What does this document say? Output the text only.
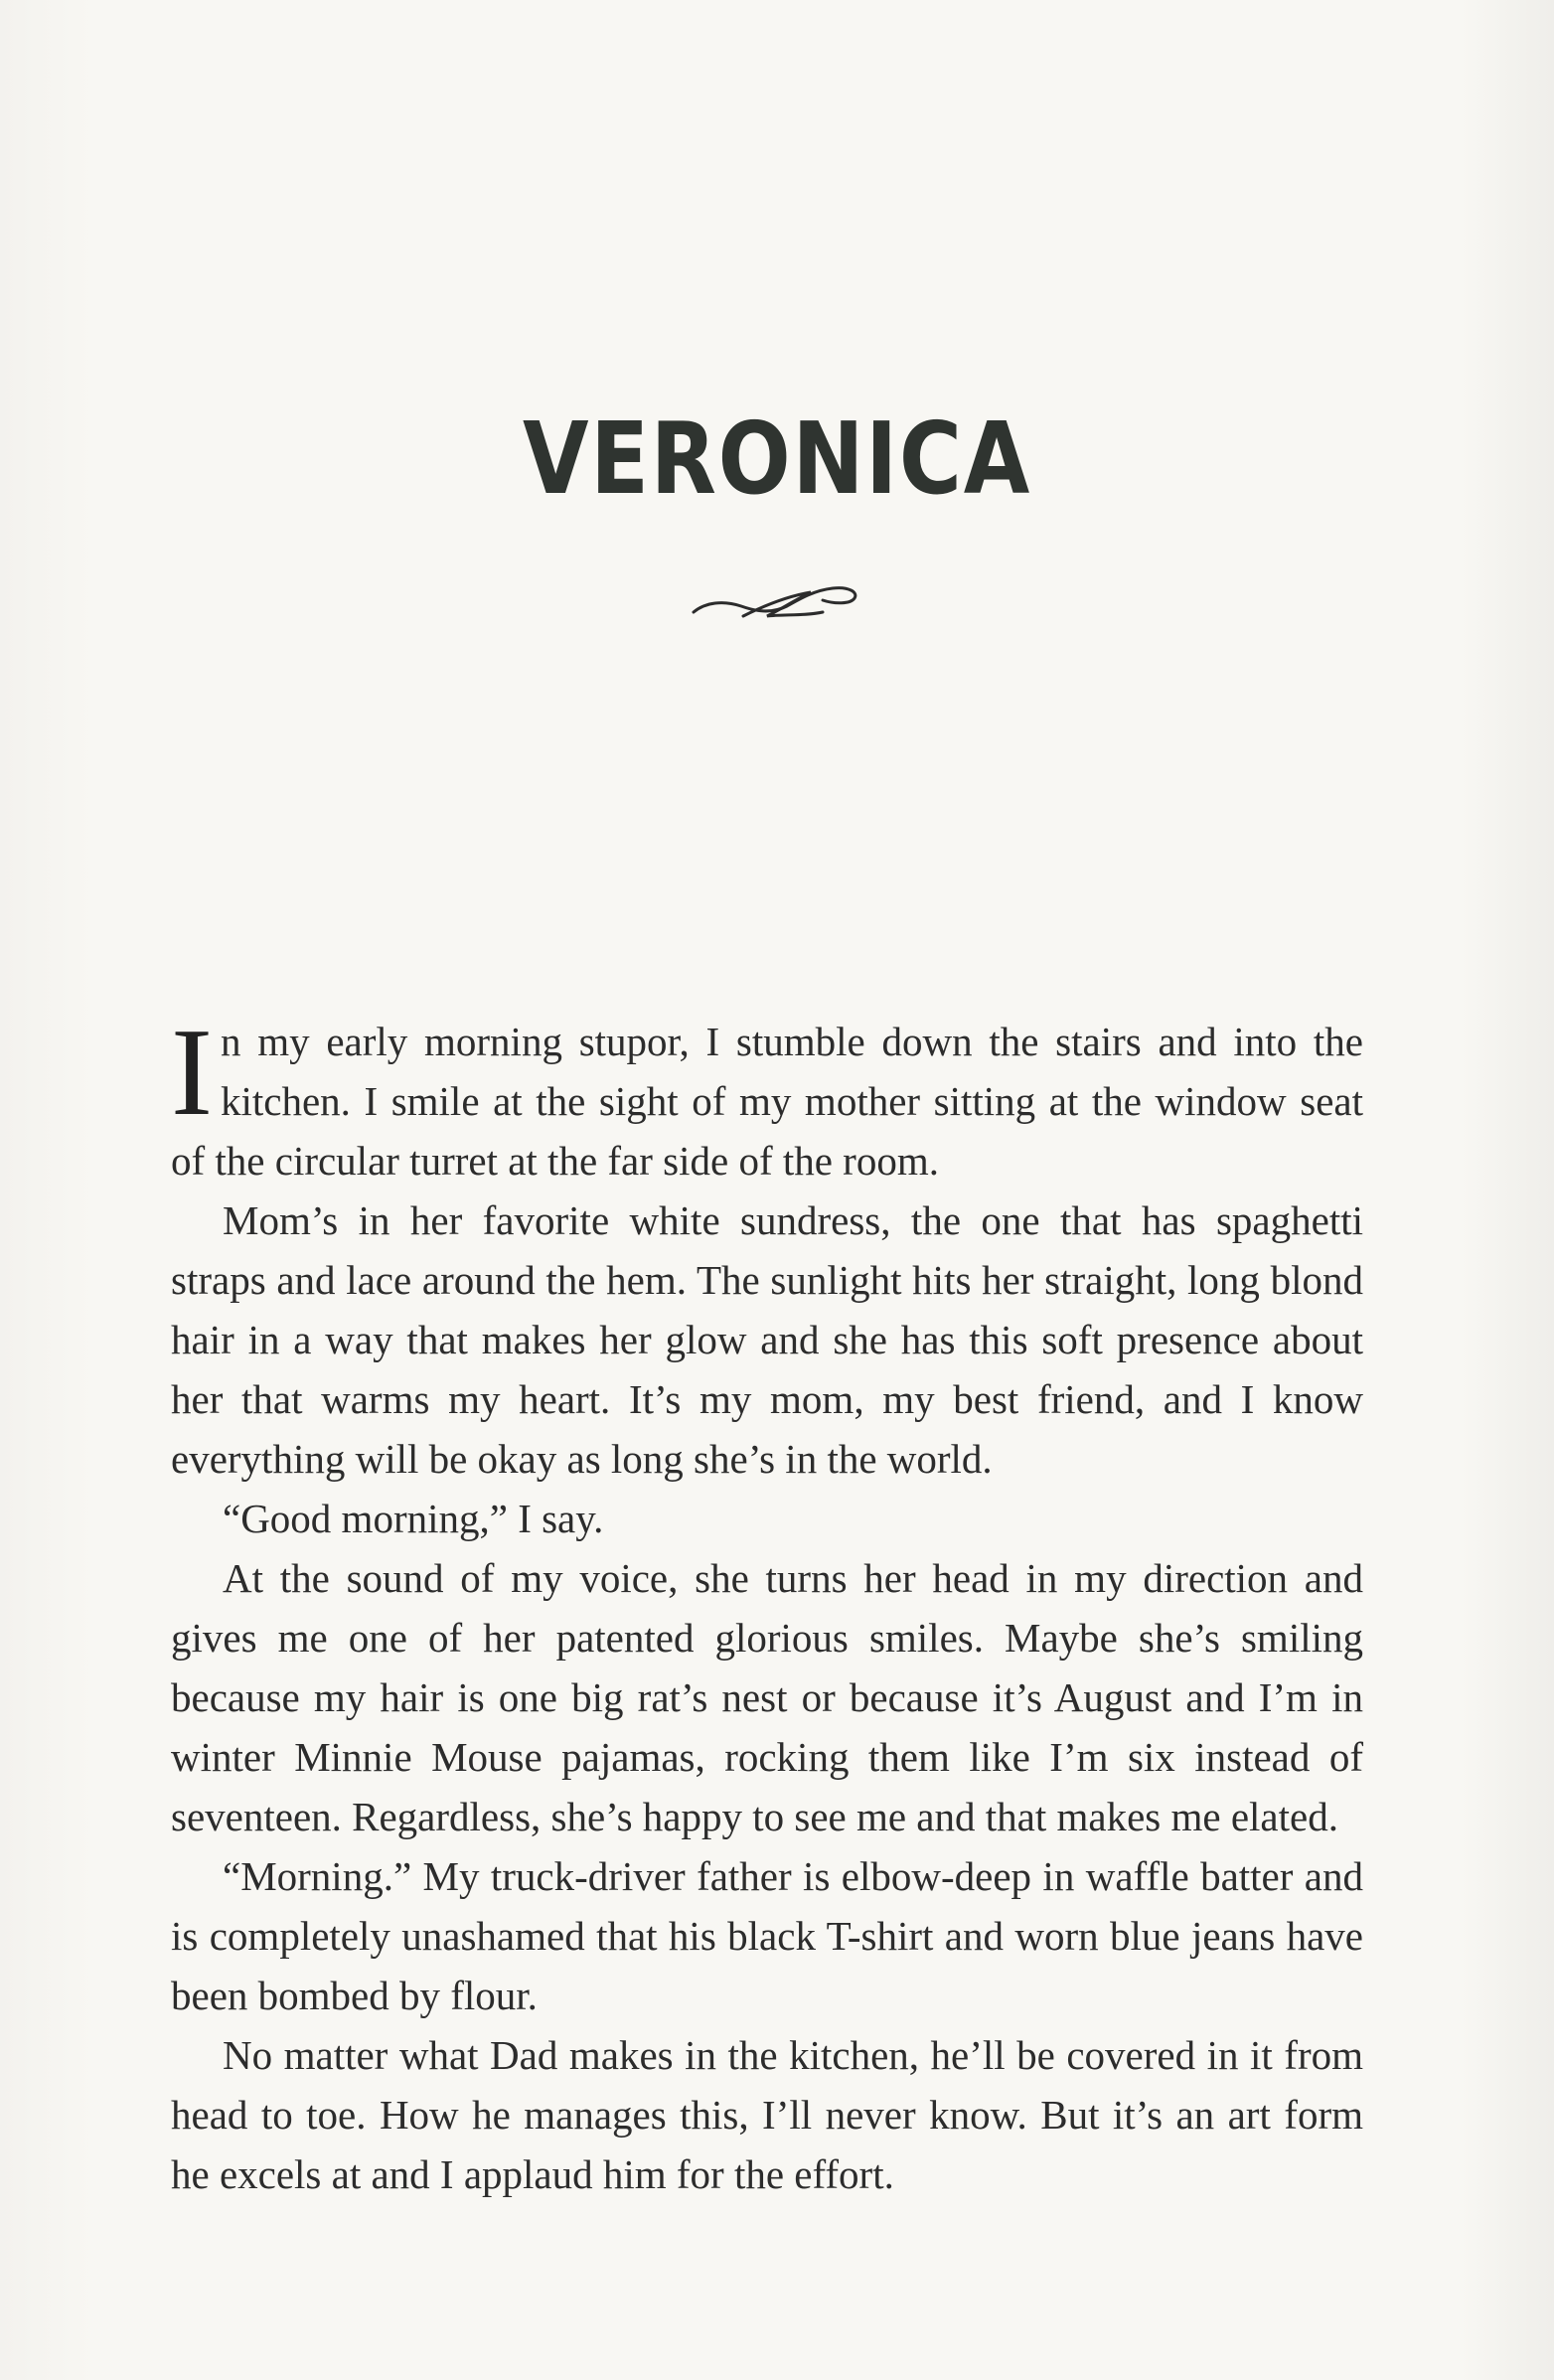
VERONICA

In my early morning stupor, I stumble down the stairs and into the kitchen. I smile at the sight of my mother sitting at the window seat of the circular turret at the far side of the room.

Mom’s in her favorite white sundress, the one that has spaghetti straps and lace around the hem. The sunlight hits her straight, long blond hair in a way that makes her glow and she has this soft presence about her that warms my heart. It’s my mom, my best friend, and I know everything will be okay as long she’s in the world.

“Good morning,” I say.

At the sound of my voice, she turns her head in my direction and gives me one of her patented glorious smiles. Maybe she’s smiling because my hair is one big rat’s nest or because it’s August and I’m in winter Minnie Mouse pajamas, rocking them like I’m six instead of seventeen. Regardless, she’s happy to see me and that makes me elated.

“Morning.” My truck-driver father is elbow-deep in waffle batter and is completely unashamed that his black T-shirt and worn blue jeans have been bombed by flour.

No matter what Dad makes in the kitchen, he’ll be covered in it from head to toe. How he manages this, I’ll never know. But it’s an art form he excels at and I applaud him for the effort.
